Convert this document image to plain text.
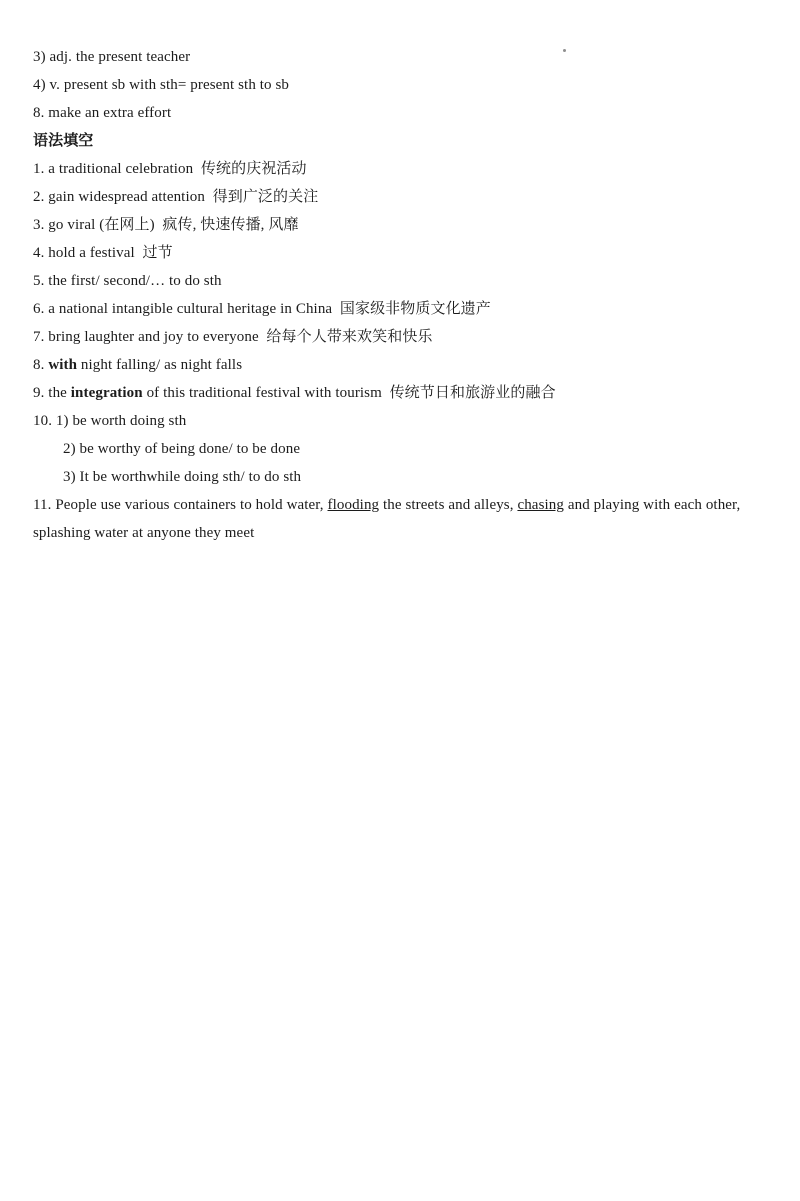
3) adj. the present teacher

4) v. present sb with sth= present sth to sb

8. make an extra effort

语法填空

1. a traditional celebration  传统的庆祝活动

2. gain widespread attention  得到广泛的关注

3. go viral (在网上)  疯传, 快速传播, 风靡

4. hold a festival  过节

5. the first/ second/… to do sth

6. a national intangible cultural heritage in China  国家级非物质文化遗产

7. bring laughter and joy to everyone  给每个人带来欢笑和快乐

8. with night falling/ as night falls

9. the integration of this traditional festival with tourism  传统节日和旅游业的融合

10. 1) be worth doing sth

2) be worthy of being done/ to be done

3) It be worthwhile doing sth/ to do sth

11. People use various containers to hold water, flooding the streets and alleys, chasing and playing with each other,

splashing water at anyone they meet
